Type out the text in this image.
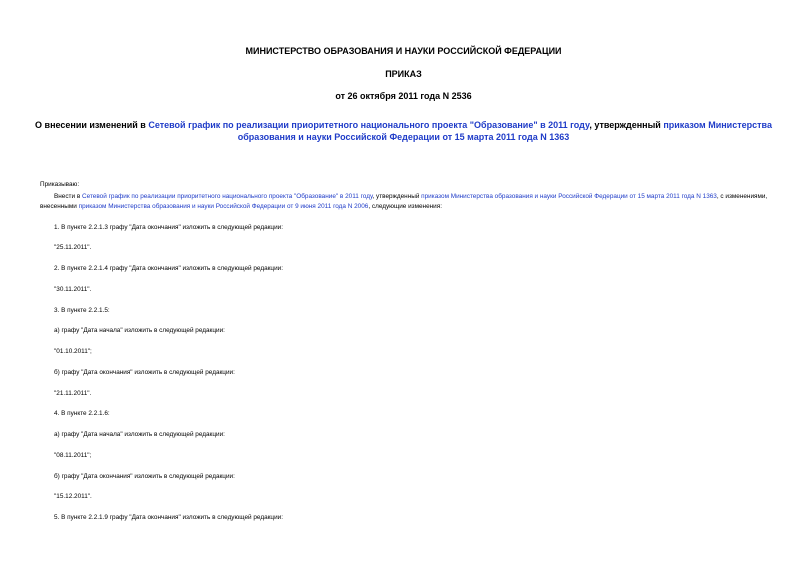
МИНИСТЕРСТВО ОБРАЗОВАНИЯ И НАУКИ РОССИЙСКОЙ ФЕДЕРАЦИИ
ПРИКАЗ
от 26 октября 2011 года N 2536
О внесении изменений в Сетевой график по реализации приоритетного национального проекта "Образование" в 2011 году, утвержденный приказом Министерства образования и науки Российской Федерации от 15 марта 2011 года N 1363
Приказываю:
Внести в Сетевой график по реализации приоритетного национального проекта "Образование" в 2011 году, утвержденный приказом Министерства образования и науки Российской Федерации от 15 марта 2011 года N 1363, с изменениями, внесенными приказом Министерства образования и науки Российской Федерации от 9 июня 2011 года N 2006, следующие изменения:
1. В пункте 2.2.1.3 графу "Дата окончания" изложить в следующей редакции:
"25.11.2011".
2. В пункте 2.2.1.4 графу "Дата окончания" изложить в следующей редакции:
"30.11.2011".
3. В пункте 2.2.1.5:
а) графу "Дата начала" изложить в следующей редакции:
"01.10.2011";
б) графу "Дата окончания" изложить в следующей редакции:
"21.11.2011".
4. В пункте 2.2.1.6:
а) графу "Дата начала" изложить в следующей редакции:
"08.11.2011";
б) графу "Дата окончания" изложить в следующей редакции:
"15.12.2011".
5. В пункте 2.2.1.9 графу "Дата окончания" изложить в следующей редакции:
